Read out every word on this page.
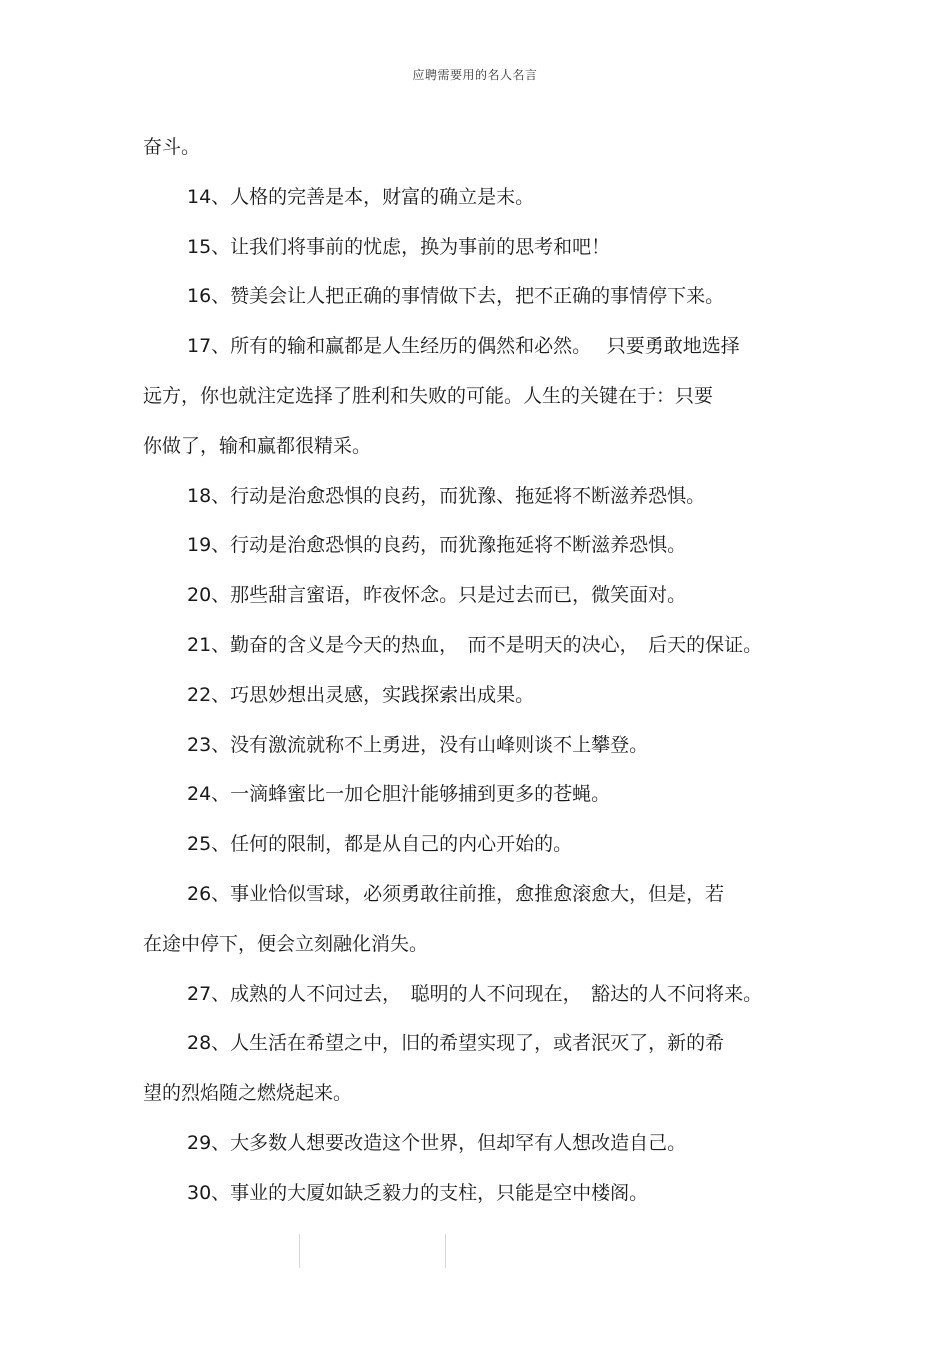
应聘需要用的名人名言
奋斗。
14、人格的完善是本，财富的确立是末。
15、让我们将事前的忧虑，换为事前的思考和吧！
16、赞美会让人把正确的事情做下去，把不正确的事情停下来。
17、所有的输和赢都是人生经历的偶然和必然。　 只要勇敢地选择
远方，你也就注定选择了胜利和失败的可能。人生的关键在于：只要
你做了，输和赢都很精采。
18、行动是治愈恐惧的良药，而犹豫、拖延将不断滋养恐惧。
19、行动是治愈恐惧的良药，而犹豫拖延将不断滋养恐惧。
20、那些甜言蜜语，昨夜怀念。只是过去而已，微笑面对。
21、勤奋的含义是今天的热血，　而不是明天的决心，　后天的保证。
22、巧思妙想出灵感，实践探索出成果。
23、没有激流就称不上勇进，没有山峰则谈不上攀登。
24、一滴蜂蜜比一加仑胆汁能够捕到更多的苍蝇。
25、任何的限制，都是从自己的内心开始的。
26、事业恰似雪球，必须勇敢往前推，愈推愈滚愈大，但是，若
在途中停下，便会立刻融化消失。
27、成熟的人不问过去，　聪明的人不问现在，　豁达的人不问将来。
28、人生活在希望之中，旧的希望实现了，或者泯灭了，新的希
望的烈焰随之燃烧起来。
29、大多数人想要改造这个世界，但却罕有人想改造自己。
30、事业的大厦如缺乏毅力的支柱，只能是空中楼阁。
